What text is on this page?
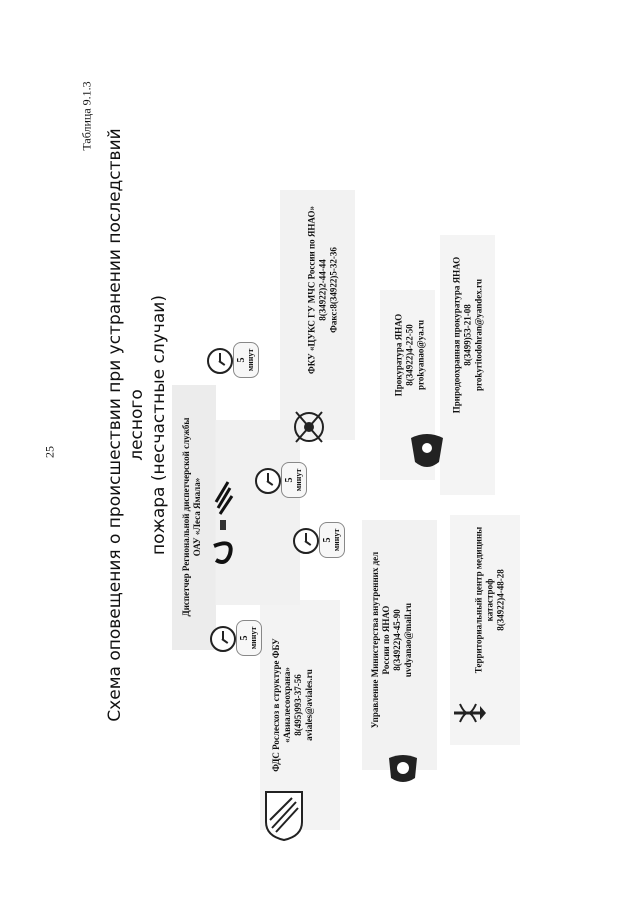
25
Таблица 9.1.3
Схема оповещения о происшествии при устранении последствий лесного пожара (несчастные случаи) Диспетчер Региональной диспетчерской службы ОАУ «Леса Ямала»
ФДС Рослесхоз в структуре ФБУ «Авиалесоохрана» 8(495)993-37-56 aviales@aviales.ru	Управление Министерства внутренних дел России по ЯНАО 8(34922)4-45-90 uvdyanao@mail.ru	Территориальный центр медицины катастроф 8(34922)4-48-28
ФКУ «ЦУКС ГУ МЧС России по ЯНАО» 8(34922)2-44-44 Факс:8(34922)5-32-36
Прокуратура ЯНАО 8(34922)4-22-50 prokyanao@ya.ru	Природоохранная прокуратура ЯНАО 8(3499)53-21-08 prokyritodohran@yandex.ru
5 минут
5 минут
5 минут
5 минут
